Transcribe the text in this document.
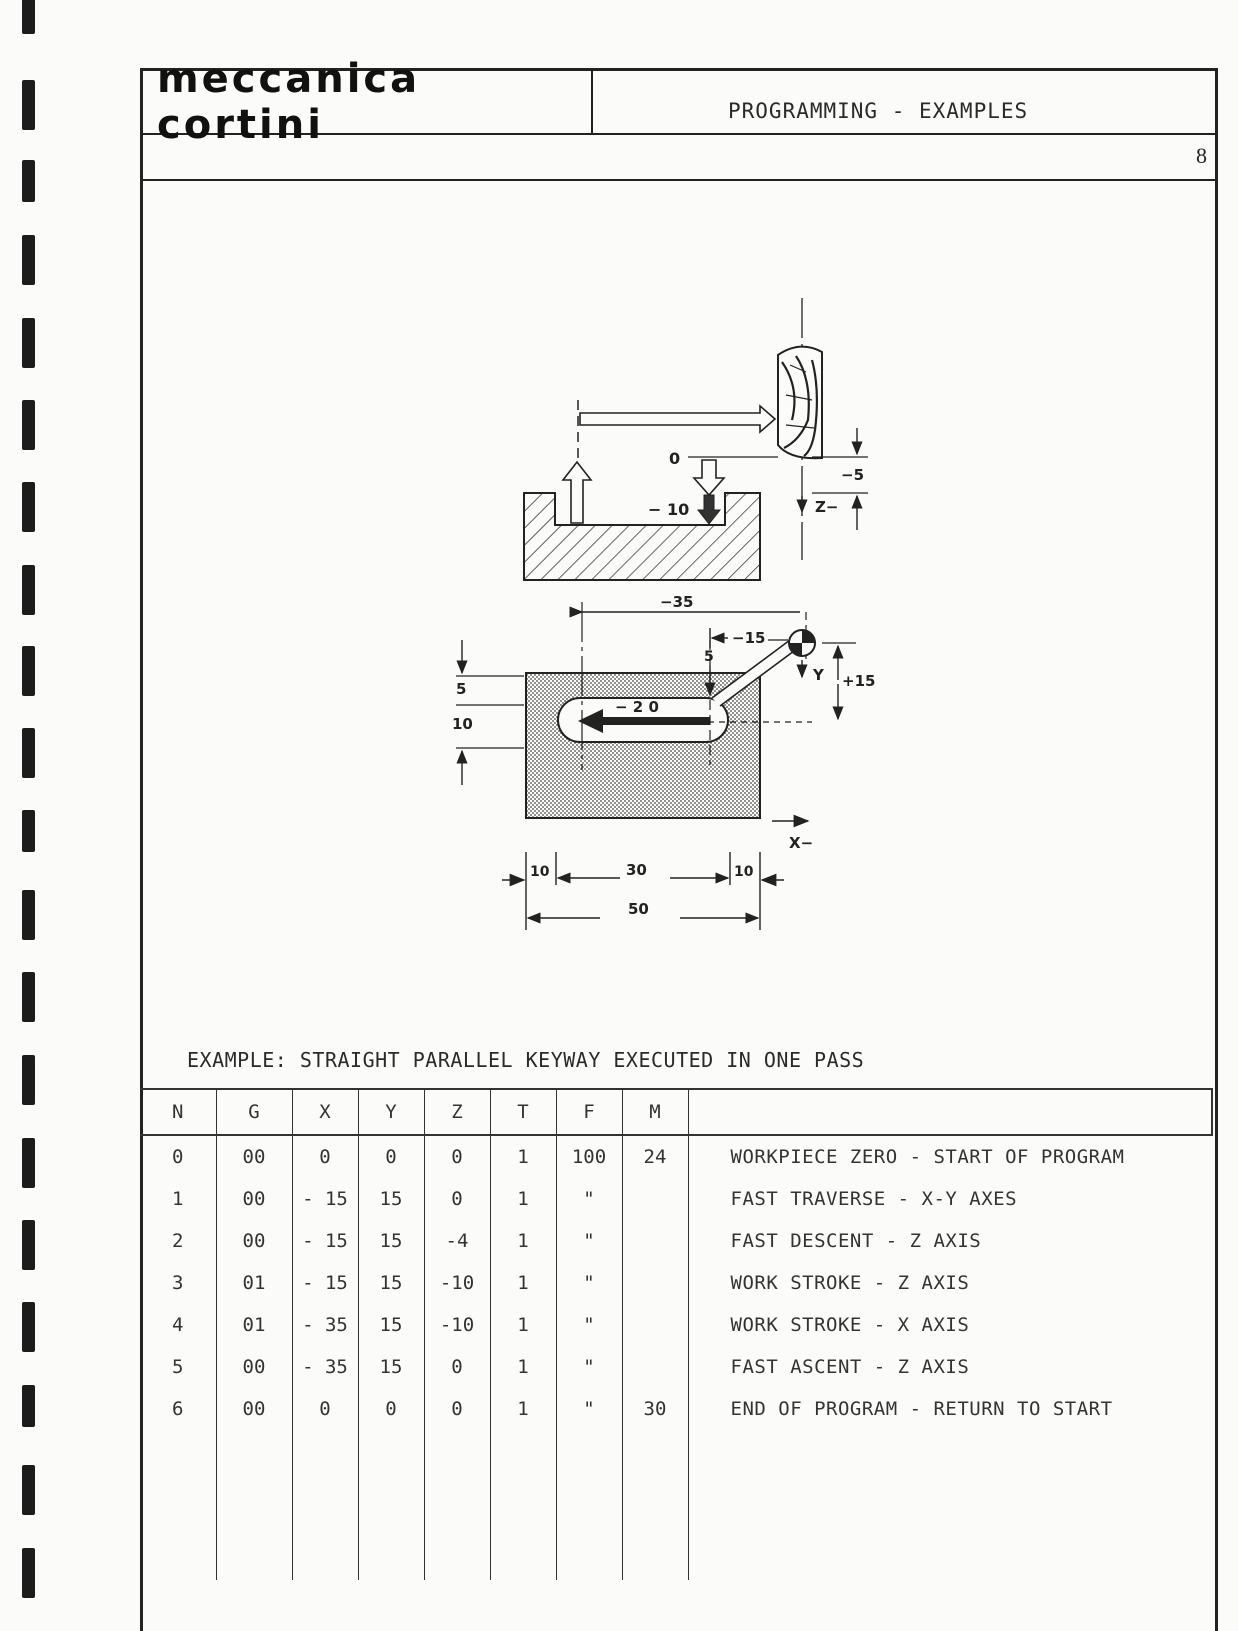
meccanica cortini	PROGRAMMING - EXAMPLES
8
0
− 10
−5
Z−
−35
−15
5
Y +15
− 2 0
5
10
X−
10	30	10
50
EXAMPLE: STRAIGHT PARALLEL KEYWAY EXECUTED IN ONE PASS
N	G	X	Y	Z	T	F	M	
0	00	0	0	0	1	100	24	WORKPIECE ZERO - START OF PROGRAM
1	00	- 15	15	0	1	"		FAST TRAVERSE - X-Y AXES
2	00	- 15	15	-4	1	"		FAST DESCENT - Z AXIS
3	01	- 15	15	-10	1	"		WORK STROKE - Z AXIS
4	01	- 35	15	-10	1	"		WORK STROKE - X AXIS
5	00	- 35	15	0	1	"		FAST ASCENT - Z AXIS
6	00	0	0	0	1	"	30	END OF PROGRAM - RETURN TO START
